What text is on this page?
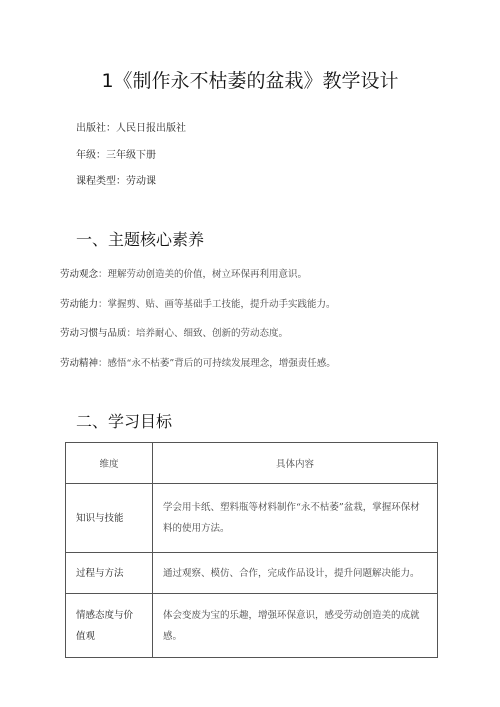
1《制作永不枯萎的盆栽》教学设计
出版社：人民日报出版社
年级：三年级下册
课程类型：劳动课
一、主题核心素养
劳动观念：理解劳动创造美的价值，树立环保再利用意识。
劳动能力：掌握剪、贴、画等基础手工技能，提升动手实践能力。
劳动习惯与品质：培养耐心、细致、创新的劳动态度。
劳动精神：感悟“永不枯萎”背后的可持续发展理念，增强责任感。
二、学习目标
维度	具体内容
知识与技能	学会用卡纸、塑料瓶等材料制作“永不枯萎”盆栽，掌握环保材料的使用方法。
过程与方法	通过观察、模仿、合作，完成作品设计，提升问题解决能力。
情感态度与价值观	体会变废为宝的乐趣，增强环保意识，感受劳动创造美的成就感。
